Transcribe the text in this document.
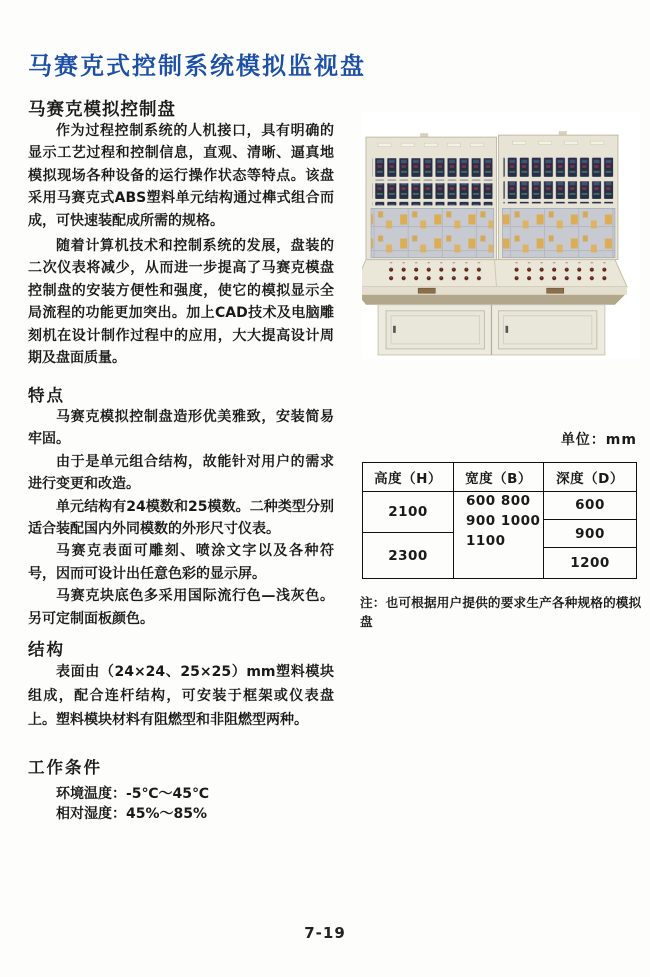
马赛克式控制系统模拟监视盘
马赛克模拟控制盘

作为过程控制系统的人机接口，具有明确的显示工艺过程和控制信息，直观、清晰、逼真地模拟现场各种设备的运行操作状态等特点。该盘采用马赛克式ABS塑料单元结构通过榫式组合而成，可快速装配成所需的规格。

随着计算机技术和控制系统的发展，盘装的二次仪表将减少，从而进一步提高了马赛克模盘控制盘的安装方便性和强度，使它的模拟显示全局流程的功能更加突出。加上CAD技术及电脑雕刻机在设计制作过程中的应用，大大提高设计周期及盘面质量。

特点

马赛克模拟控制盘造形优美雅致，安装简易牢固。

由于是单元组合结构，故能针对用户的需求进行变更和改造。

单元结构有24模数和25模数。二种类型分别适合装配国内外同模数的外形尺寸仪表。

马赛克表面可雕刻、喷涂文字以及各种符号，因而可设计出任意色彩的显示屏。

马赛克块底色多采用国际流行色—浅灰色。另可定制面板颜色。

结构

表面由（24×24、25×25）mm塑料模块组成，配合连杆结构，可安装于框架或仪表盘上。塑料模块材料有阻燃型和非阻燃型两种。

工作条件

环境温度：-5℃～45℃

相对湿度：45%～85%

单位：mm
高度（H）	宽度（B）	深度（D）
2100
2300
600 800
900 1000 1100
600
900
1200
注：也可根据用户提供的要求生产各种规格的模拟盘
7-19
